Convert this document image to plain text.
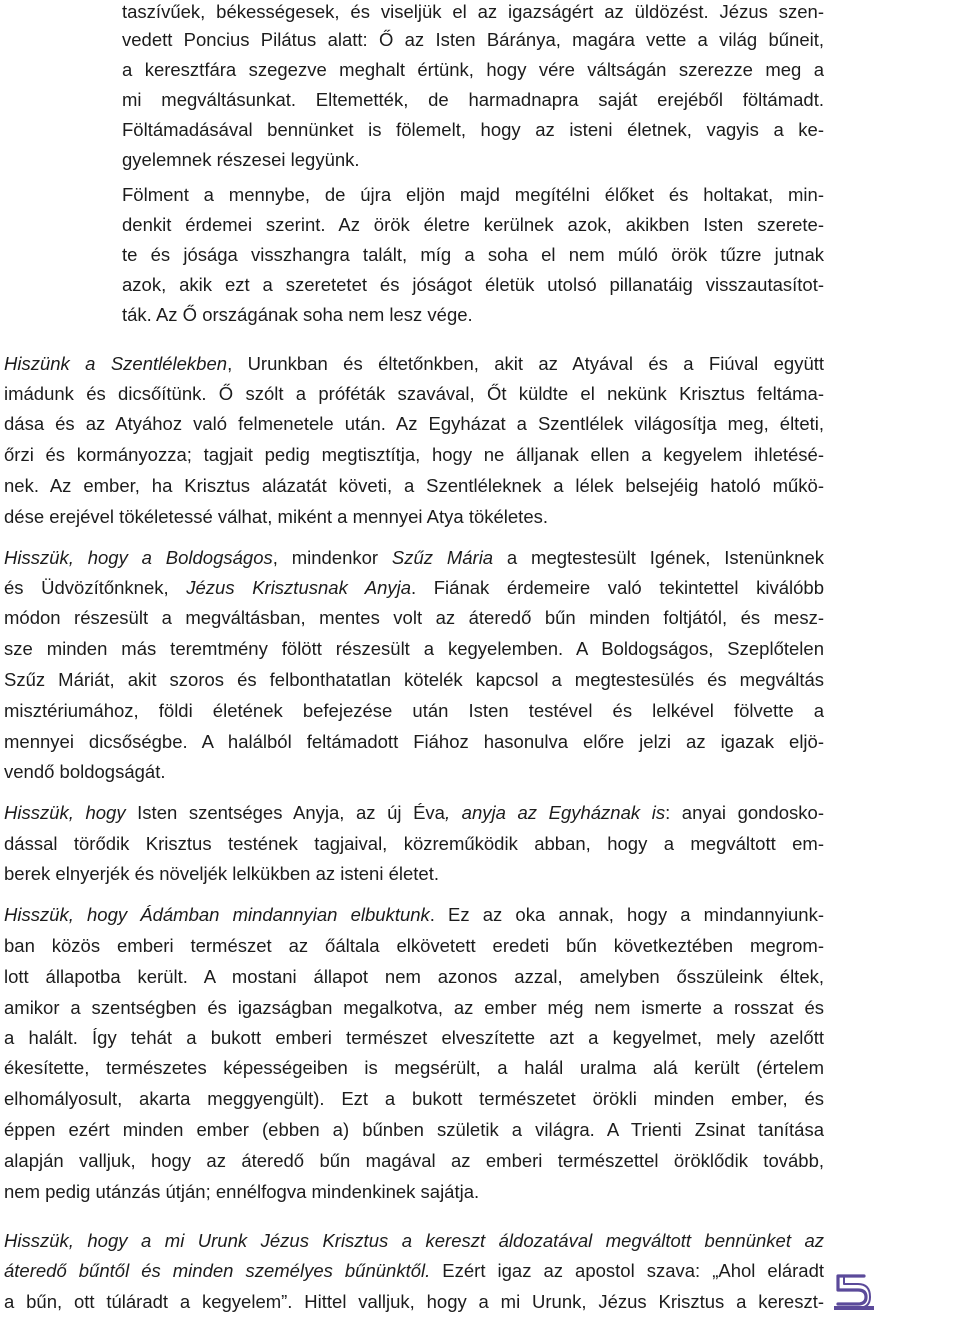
taszívűek, békességesek, és viseljük el az igazságért az üldözést. Jézus szen-
vedett Poncius Pilátus alatt: Ő az Isten Báránya, magára vette a világ bűneit,
a keresztfára szegezve meghalt értünk, hogy vére váltságán szerezze meg a
mi megváltásunkat. Eltemették, de harmadnapra saját erejéből föltámadt.
Föltámadásával bennünket is fölemelt, hogy az isteni életnek, vagyis a ke-
gyelemnek részesei legyünk.
Fölment a mennybe, de újra eljön majd megítélni élőket és holtakat, min-
denkit érdemei szerint. Az örök életre kerülnek azok, akikben Isten szerete-
te és jósága visszhangra talált, míg a soha el nem múló örök tűzre jutnak
azok, akik ezt a szeretetet és jóságot életük utolsó pillanatáig visszautasítot-
ták. Az Ő országának soha nem lesz vége.
Hiszünk a Szentlélekben, Urunkban és éltetőnkben, akit az Atyával és a Fiúval együtt
imádunk és dicsőítünk. Ő szólt a próféták szavával, Őt küldte el nekünk Krisztus feltáma-
dása és az Atyához való felmenetele után. Az Egyházat a Szentlélek világosítja meg, élteti,
őrzi és kormányozza; tagjait pedig megtisztítja, hogy ne álljanak ellen a kegyelem ihletésé-
nek. Az ember, ha Krisztus alázatát követi, a Szentléleknek a lélek belsejéig hatoló műkö-
dése erejével tökéletessé válhat, miként a mennyei Atya tökéletes.
Hisszük, hogy a Boldogságos, mindenkor Szűz Mária a megtestesült Igének, Istenünknek
és Üdvözítőnknek, Jézus Krisztusnak Anyja. Fiának érdemeire való tekintettel kiválóbb
módon részesült a megváltásban, mentes volt az áteredő bűn minden foltjától, és mesz-
sze minden más teremtmény fölött részesült a kegyelemben. A Boldogságos, Szeplőtelen
Szűz Máriát, akit szoros és felbonthatatlan kötelék kapcsol a megtestesülés és megváltás
misztériumához, földi életének befejezése után Isten testével és lelkével fölvette a
mennyei dicsőségbe. A halálból feltámadott Fiához hasonulva előre jelzi az igazak eljö-
vendő boldogságát.
Hisszük, hogy Isten szentséges Anyja, az új Éva, anyja az Egyháznak is: anyai gondosko-
dással törődik Krisztus testének tagjaival, közreműködik abban, hogy a megváltott em-
berek elnyerjék és növeljék lelkükben az isteni életet.
Hisszük, hogy Ádámban mindannyian elbuktunk. Ez az oka annak, hogy a mindannyiunk-
ban közös emberi természet az őáltala elkövetett eredeti bűn következtében megrom-
lott állapotba került. A mostani állapot nem azonos azzal, amelyben ősszüleink éltek,
amikor a szentségben és igazságban megalkotva, az ember még nem ismerte a rosszat és
a halált. Így tehát a bukott emberi természet elveszítette azt a kegyelmet, mely azelőtt
ékesítette, természetes képességeiben is megsérült, a halál uralma alá került (értelem
elhomályosult, akarta meggyengült). Ezt a bukott természetet örökli minden ember, és
éppen ezért minden ember (ebben a) bűnben születik a világra. A Trienti Zsinat tanítása
alapján valljuk, hogy az áteredő bűn magával az emberi természettel öröklődik tovább,
nem pedig utánzás útján; ennélfogva mindenkinek sajátja.
Hisszük, hogy a mi Urunk Jézus Krisztus a kereszt áldozatával megváltott bennünket az
áteredő bűntől és minden személyes bűnünktől. Ezért igaz az apostol szava: „Ahol eláradt
a bűn, ott túláradt a kegyelem”. Hittel valljuk, hogy a mi Urunk, Jézus Krisztus a kereszt-
